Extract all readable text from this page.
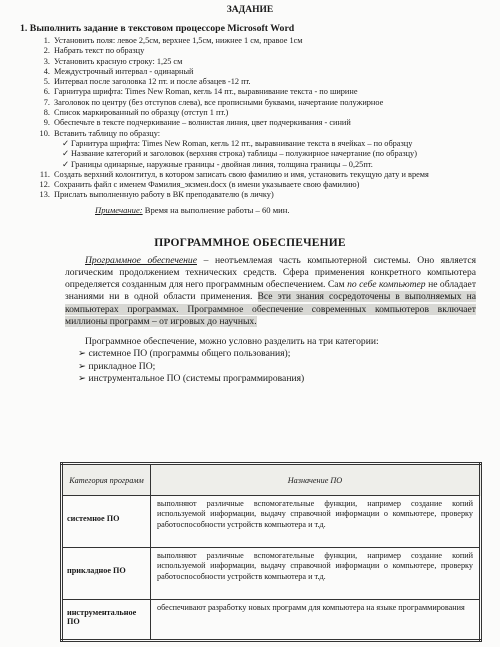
ЗАДАНИЕ
1. Выполнить задание в текстовом процессоре Microsoft Word
1. Установить поля: левое 2,5см, верхнее 1,5см, нижнее 1 см, правое 1см
2. Набрать текст по образцу
3. Установить красную строку: 1,25 см
4. Междустрочный интервал - одинарный
5. Интервал после заголовка 12 пт. и после абзацев -12 пт.
6. Гарнитура шрифта: Times New Roman, кегль 14 пт., выравнивание текста - по ширине
7. Заголовок по центру (без отступов слева), все прописными буквами, начертание полужирное
8. Список маркированный по образцу (отступ 1 пт.)
9. Обеспечьте в тексте подчеркивание – волнистая линия, цвет подчеркивания - синий
10. Вставить таблицу по образцу:
✓ Гарнитура шрифта: Times New Roman, кегль 12 пт., выравнивание текста в ячейках – по образцу
✓ Название категорий и заголовок (верхняя строка) таблицы – полужирное начертание (по образцу)
✓ Границы одинарные, наружные границы - двойная линия, толщина границы – 0,25пт.
11. Создать верхний колонтитул, в котором записать свою фамилию и имя, установить текущую дату и время
12. Сохранить файл с именем Фамилия_экзмен.docx (в имени указываете свою фамилию)
13. Прислать выполненную работу в ВК преподавателю (в личку)
Примечание: Время на выполнение работы – 60 мин.
ПРОГРАММНОЕ ОБЕСПЕЧЕНИЕ

Программное обеспечение – неотъемлемая часть компьютерной системы. Оно является логическим продолжением технических средств. Сфера применения конкретного компьютера определяется созданным для него программным обеспечением. Сам по себе компьютер не обладает знаниями ни в одной области применения. Все эти знания сосредоточены в выполняемых на компьютерах программах. Программное обеспечение современных компьютеров включает миллионы программ – от игровых до научных.

Программное обеспечение, можно условно разделить на три категории:
➢ системное ПО (программы общего пользования);
➢ прикладное ПО;
➢ инструментальное ПО (системы программирования)
Категория программ	Назначение ПО
системное ПО	выполняют различные вспомогательные функции, например создание копий используемой информации, выдачу справочной информации о компьютере, проверку работоспособности устройств компьютера и т.д.
прикладное ПО	выполняют различные вспомогательные функции, например создание копий используемой информации, выдачу справочной информации о компьютере, проверку работоспособности устройств компьютера и т.д.
инструментальное ПО	обеспечивают разработку новых программ для компьютера на языке программирования
